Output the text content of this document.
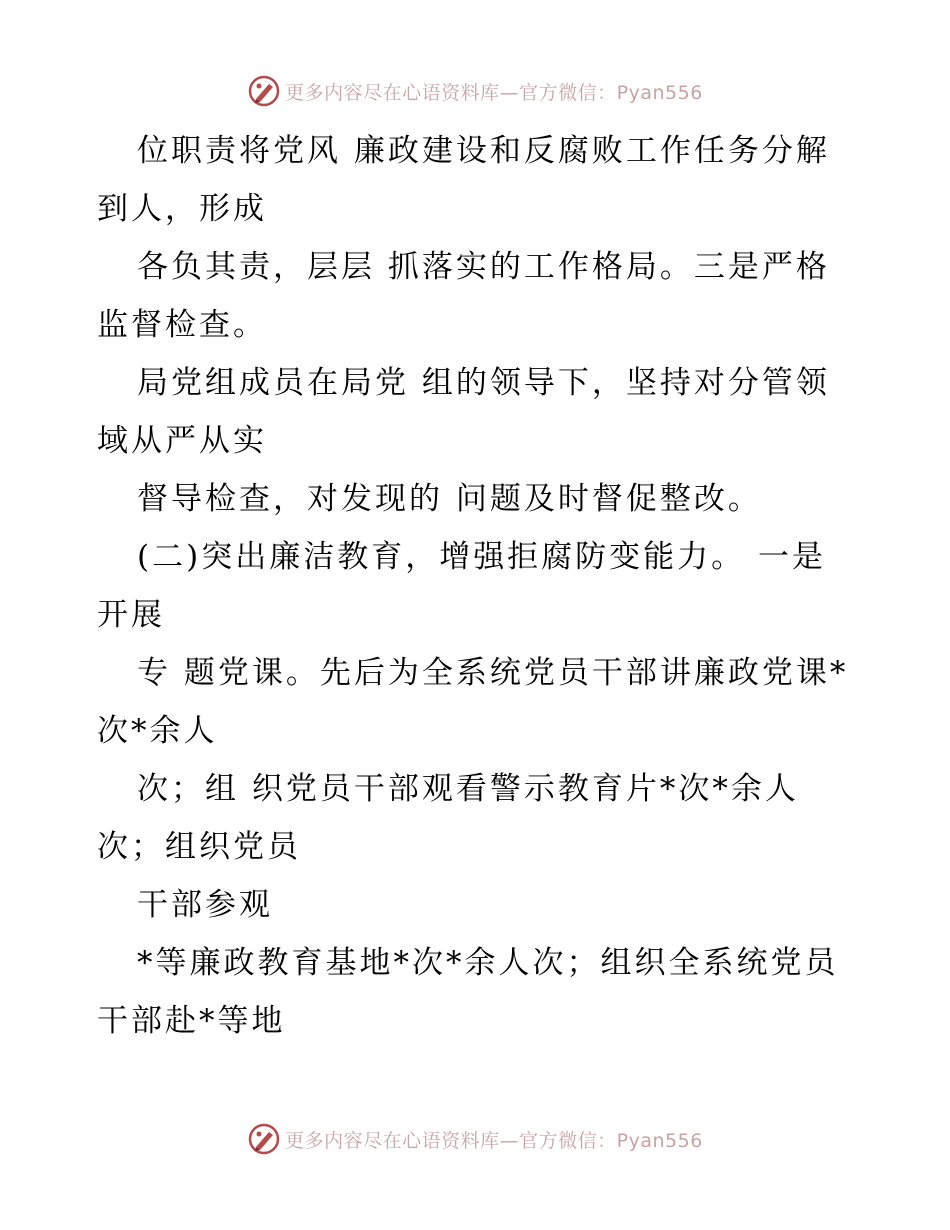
更多内容尽在心语资料库—官方微信：Pyan556
位职责将党风 廉政建设和反腐败工作任务分解
到人，形成
各负其责，层层 抓落实的工作格局。三是严格
监督检查。
局党组成员在局党 组的领导下，坚持对分管领
域从严从实
督导检查，对发现的 问题及时督促整改。
(二)突出廉洁教育，增强拒腐防变能力。 一是
开展
专 题党课。先后为全系统党员干部讲廉政党课*
次*余人
次；组 织党员干部观看警示教育片*次*余人
次；组织党员
干部参观
*等廉政教育基地*次*余人次；组织全系统党员
干部赴*等地
更多内容尽在心语资料库—官方微信：Pyan556
